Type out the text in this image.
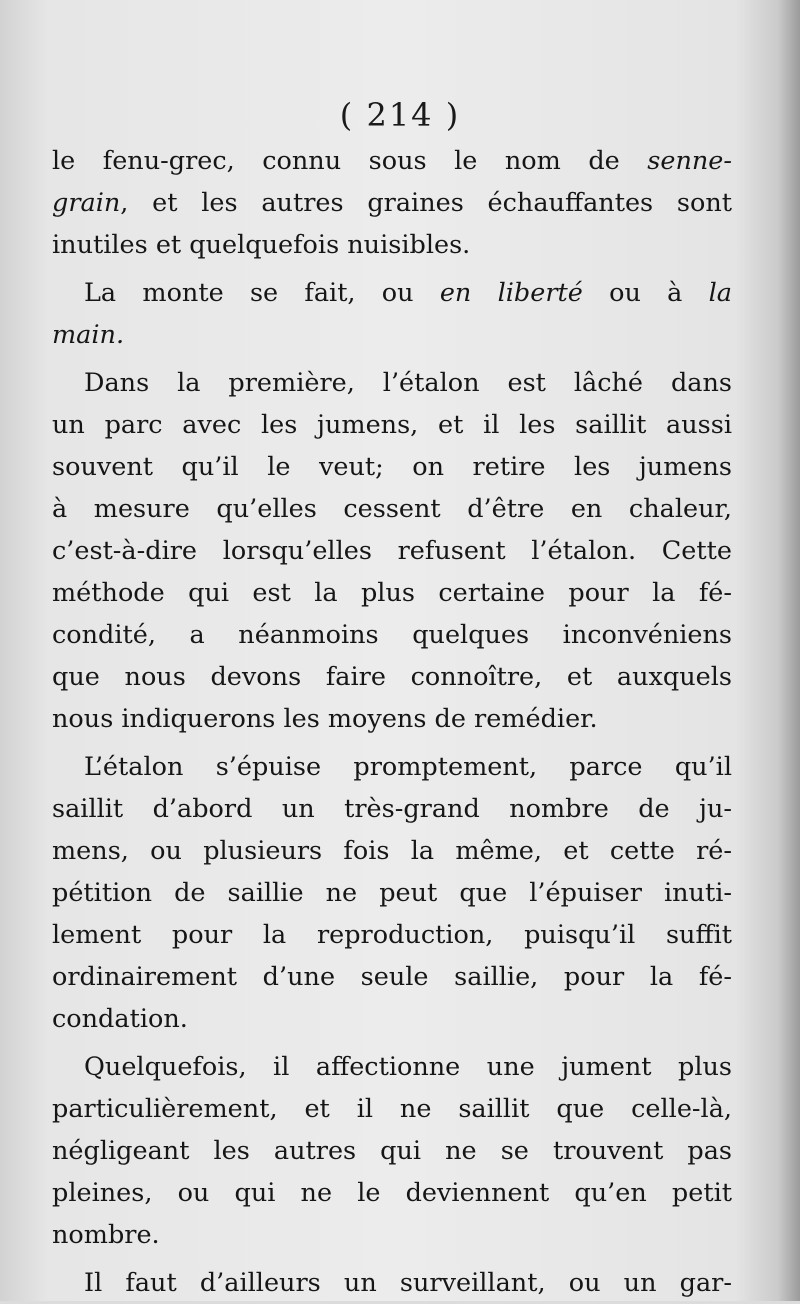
( 214 )
le fenu-grec, connu sous le nom de senne-
grain, et les autres graines échauffantes sont
inutiles et quelquefois nuisibles.
La monte se fait, ou en liberté ou à la
main.
Dans la première, l’étalon est lâché dans
un parc avec les jumens, et il les saillit aussi
souvent qu’il le veut; on retire les jumens
à mesure qu’elles cessent d’être en chaleur,
c’est-à-dire lorsqu’elles refusent l’étalon. Cette
méthode qui est la plus certaine pour la fé-
condité, a néanmoins quelques inconvéniens
que nous devons faire connoître, et auxquels
nous indiquerons les moyens de remédier.
L’étalon s’épuise promptement, parce qu’il
saillit d’abord un très-grand nombre de ju-
mens, ou plusieurs fois la même, et cette ré-
pétition de saillie ne peut que l’épuiser inuti-
lement pour la reproduction, puisqu’il suffit
ordinairement d’une seule saillie, pour la fé-
condation.
Quelquefois, il affectionne une jument plus
particulièrement, et il ne saillit que celle-là,
négligeant les autres qui ne se trouvent pas
pleines, ou qui ne le deviennent qu’en petit
nombre.
Il faut d’ailleurs un surveillant, ou un gar-
